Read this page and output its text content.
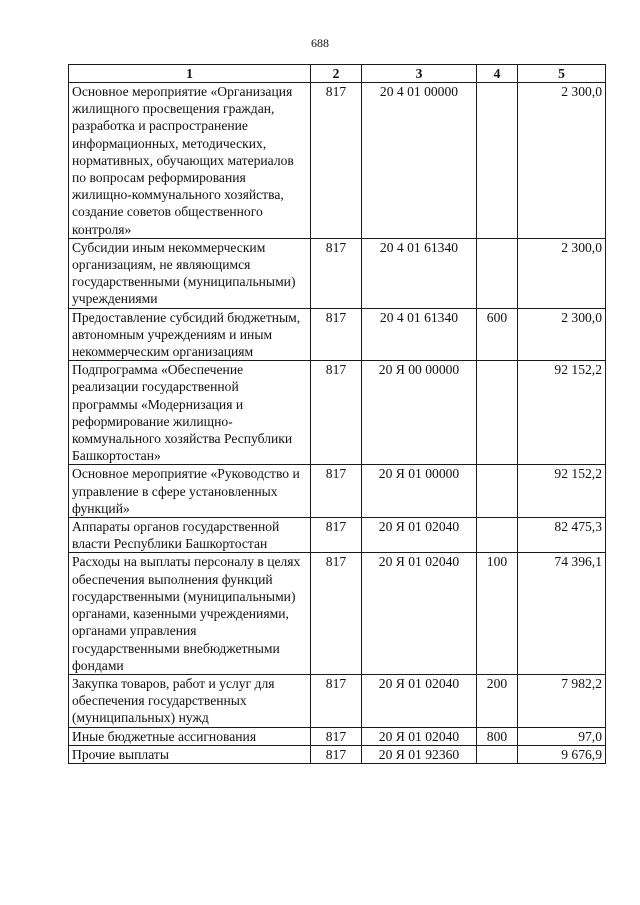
688
1	2	3	4	5
Основное мероприятие «Организация жилищного просвещения граждан, разработка и распространение информационных, методических, нормативных, обучающих материалов по вопросам реформирования жилищно-коммунального хозяйства, создание советов общественного контроля»	817	20 4 01 00000		2 300,0
Субсидии иным некоммерческим организациям, не являющимся государственными (муниципальными) учреждениями	817	20 4 01 61340		2 300,0
Предоставление субсидий бюджетным, автономным учреждениям и иным некоммерческим организациям	817	20 4 01 61340	600	2 300,0
Подпрограмма «Обеспечение реализации государственной программы «Модернизация и реформирование жилищно-коммунального хозяйства Республики Башкортостан»	817	20 Я 00 00000		92 152,2
Основное мероприятие «Руководство и управление в сфере установленных функций»	817	20 Я 01 00000		92 152,2
Аппараты органов государственной власти Республики Башкортостан	817	20 Я 01 02040		82 475,3
Расходы на выплаты персоналу в целях обеспечения выполнения функций государственными (муниципальными) органами, казенными учреждениями, органами управления государственными внебюджетными фондами	817	20 Я 01 02040	100	74 396,1
Закупка товаров, работ и услуг для обеспечения государственных (муниципальных) нужд	817	20 Я 01 02040	200	7 982,2
Иные бюджетные ассигнования	817	20 Я 01 02040	800	97,0
Прочие выплаты	817	20 Я 01 92360		9 676,9
